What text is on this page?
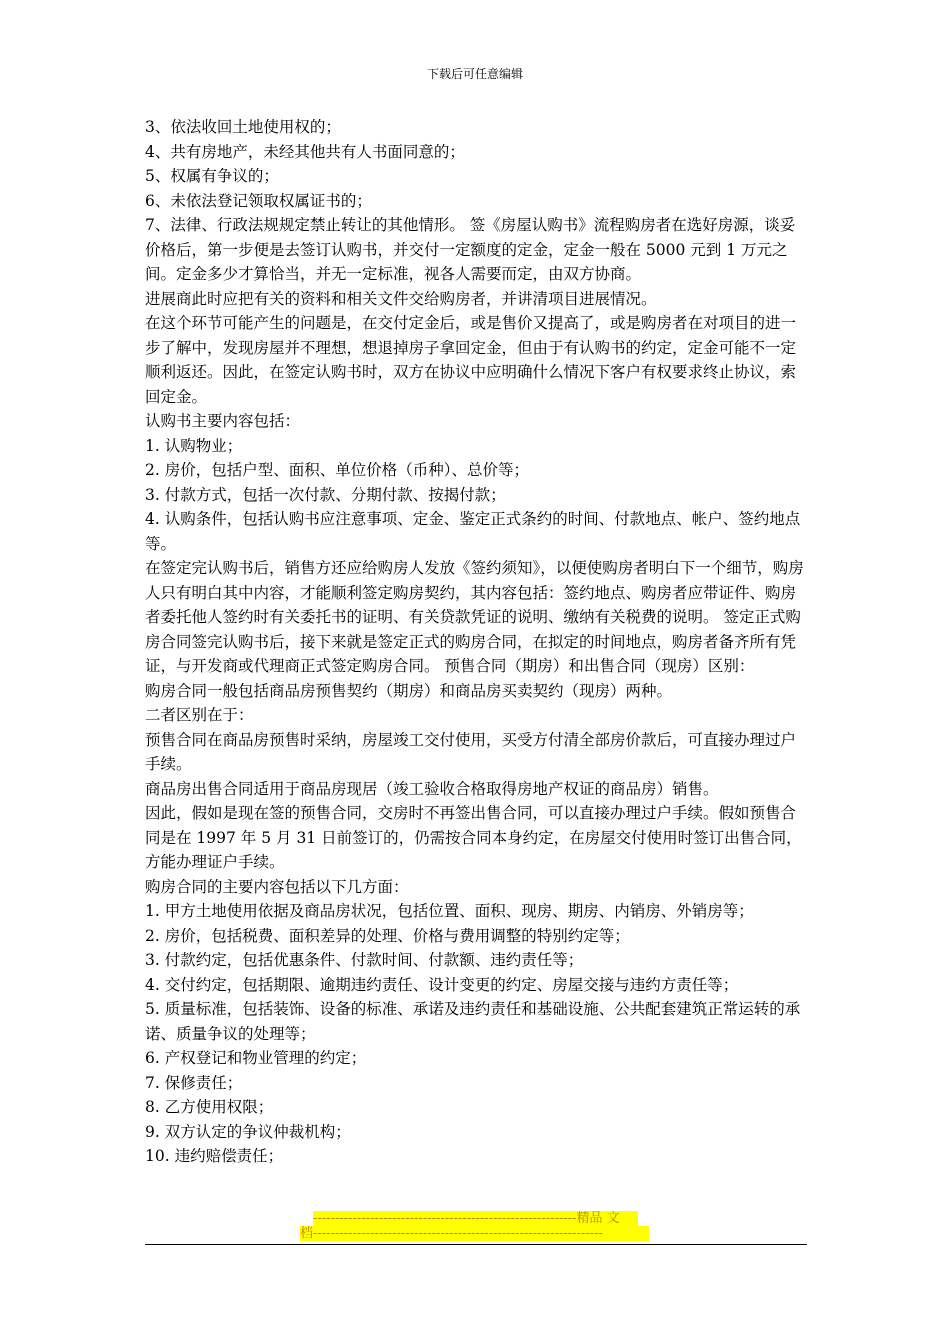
下载后可任意编辑

3、依法收回土地使用权的；

4、共有房地产，未经其他共有人书面同意的；

5、权属有争议的；

6、未依法登记领取权属证书的；

7、法律、行政法规规定禁止转让的其他情形。 签《房屋认购书》流程购房者在选好房源，谈妥价格后，第一步便是去签订认购书，并交付一定额度的定金，定金一般在 5000 元到 1 万元之间。定金多少才算恰当，并无一定标准，视各人需要而定，由双方协商。

进展商此时应把有关的资料和相关文件交给购房者，并讲清项目进展情况。

在这个环节可能产生的问题是，在交付定金后，或是售价又提高了，或是购房者在对项目的进一步了解中，发现房屋并不理想，想退掉房子拿回定金，但由于有认购书的约定，定金可能不一定顺利返还。因此，在签定认购书时，双方在协议中应明确什么情况下客户有权要求终止协议，索回定金。

认购书主要内容包括：

1. 认购物业；

2. 房价，包括户型、面积、单位价格（币种）、总价等；

3. 付款方式，包括一次付款、分期付款、按揭付款；

4. 认购条件，包括认购书应注意事项、定金、鉴定正式条约的时间、付款地点、帐户、签约地点等。

在签定完认购书后，销售方还应给购房人发放《签约须知》，以便使购房者明白下一个细节，购房人只有明白其中内容，才能顺利签定购房契约，其内容包括：签约地点、购房者应带证件、购房者委托他人签约时有关委托书的证明、有关贷款凭证的说明、缴纳有关税费的说明。 签定正式购房合同签完认购书后，接下来就是签定正式的购房合同，在拟定的时间地点，购房者备齐所有凭证，与开发商或代理商正式签定购房合同。 预售合同（期房）和出售合同（现房）区别：

购房合同一般包括商品房预售契约（期房）和商品房买卖契约（现房）两种。

二者区别在于：

预售合同在商品房预售时采纳，房屋竣工交付使用，买受方付清全部房价款后，可直接办理过户手续。

商品房出售合同适用于商品房现居（竣工验收合格取得房地产权证的商品房）销售。

因此，假如是现在签的预售合同，交房时不再签出售合同，可以直接办理过户手续。假如预售合同是在 1997 年 5 月 31 日前签订的，仍需按合同本身约定，在房屋交付使用时签订出售合同，方能办理证户手续。

购房合同的主要内容包括以下几方面：

1. 甲方土地使用依据及商品房状况，包括位置、面积、现房、期房、内销房、外销房等；

2. 房价，包括税费、面积差异的处理、价格与费用调整的特别约定等；

3. 付款约定，包括优惠条件、付款时间、付款额、违约责任等；

4. 交付约定，包括期限、逾期违约责任、设计变更的约定、房屋交接与违约方责任等；

5. 质量标准，包括装饰、设备的标准、承诺及违约责任和基础设施、公共配套建筑正常运转的承诺、质量争议的处理等；

6. 产权登记和物业管理的约定；

7. 保修责任；

8. 乙方使用权限；

9. 双方认定的争议仲裁机构；

10. 违约赔偿责任；

------------------------------------------------------------精品 文
档------------------------------------------------------------------
